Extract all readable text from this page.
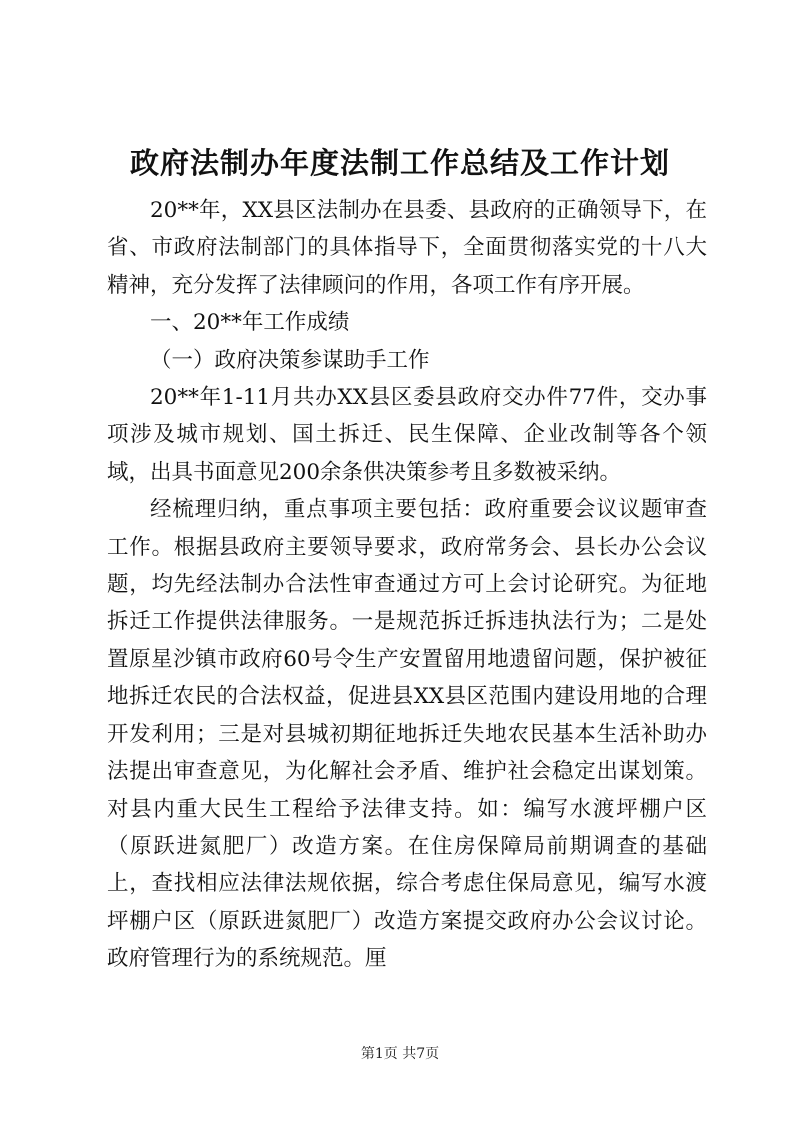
政府法制办年度法制工作总结及工作计划

20**年，XX县区法制办在县委、县政府的正确领导下，在省、市政府法制部门的具体指导下，全面贯彻落实党的十八大精神，充分发挥了法律顾问的作用，各项工作有序开展。

一、20**年工作成绩

（一）政府决策参谋助手工作

20**年1-11月共办XX县区委县政府交办件77件，交办事项涉及城市规划、国土拆迁、民生保障、企业改制等各个领域，出具书面意见200余条供决策参考且多数被采纳。

经梳理归纳，重点事项主要包括：政府重要会议议题审查工作。根据县政府主要领导要求，政府常务会、县长办公会议题，均先经法制办合法性审查通过方可上会讨论研究。为征地拆迁工作提供法律服务。一是规范拆迁拆违执法行为；二是处置原星沙镇市政府60号令生产安置留用地遗留问题，保护被征地拆迁农民的合法权益，促进县XX县区范围内建设用地的合理开发利用；三是对县城初期征地拆迁失地农民基本生活补助办法提出审查意见，为化解社会矛盾、维护社会稳定出谋划策。对县内重大民生工程给予法律支持。如：编写水渡坪棚户区（原跃进氮肥厂）改造方案。在住房保障局前期调查的基础上，查找相应法律法规依据，综合考虑住保局意见，编写水渡坪棚户区（原跃进氮肥厂）改造方案提交政府办公会议讨论。政府管理行为的系统规范。厘

第1页 共7页
